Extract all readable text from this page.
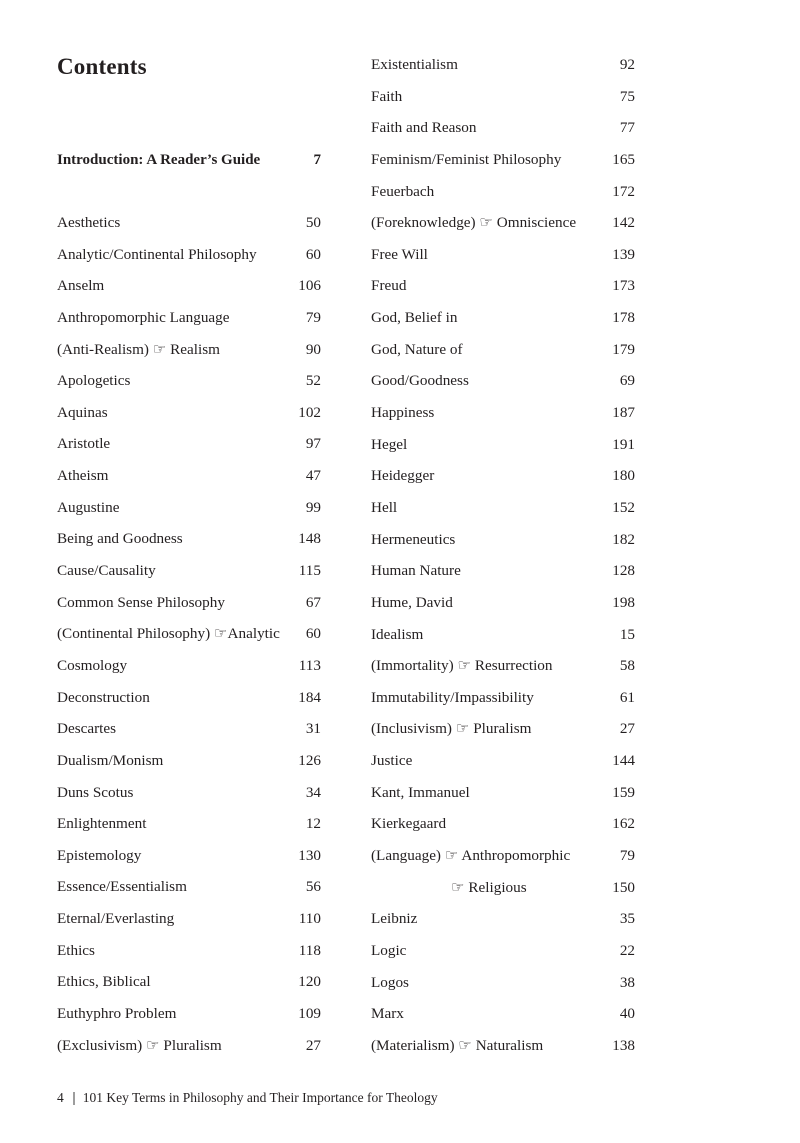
Contents
Introduction: A Reader’s Guide	7
Aesthetics	50
Analytic/Continental Philosophy	60
Anselm	106
Anthropomorphic Language	79
(Anti-Realism) ☞ Realism	90
Apologetics	52
Aquinas	102
Aristotle	97
Atheism	47
Augustine	99
Being and Goodness	148
Cause/Causality	115
Common Sense Philosophy	67
(Continental Philosophy) ☞Analytic 60
Cosmology	113
Deconstruction	184
Descartes	31
Dualism/Monism	126
Duns Scotus	34
Enlightenment	12
Epistemology	130
Essence/Essentialism	56
Eternal/Everlasting	110
Ethics	118
Ethics, Biblical	120
Euthyphro Problem	109
(Exclusivism) ☞ Pluralism	27
Existentialism	92
Faith	75
Faith and Reason	77
Feminism/Feminist Philosophy	165
Feuerbach	172
(Foreknowledge) ☞ Omniscience 142
Free Will	139
Freud	173
God, Belief in	178
God, Nature of	179
Good/Goodness	69
Happiness	187
Hegel	191
Heidegger	180
Hell	152
Hermeneutics	182
Human Nature	128
Hume, David	198
Idealism	15
(Immortality) ☞ Resurrection	58
Immutability/Impassibility	61
(Inclusivism) ☞ Pluralism	27
Justice	144
Kant, Immanuel	159
Kierkegaard	162
(Language) ☞ Anthropomorphic	79
☞ Religious	150
Leibniz	35
Logic	22
Logos	38
Marx	40
(Materialism) ☞ Naturalism	138
4 101 Key Terms in Philosophy and Their Importance for Theology
